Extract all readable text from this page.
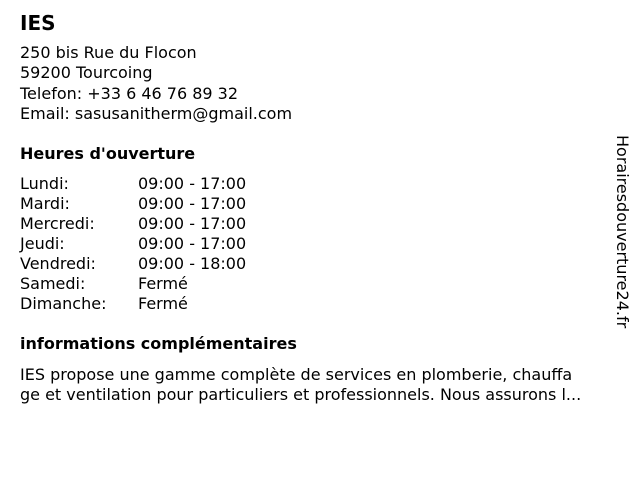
IES
250 bis Rue du Flocon
59200 Tourcoing
Telefon: +33 6 46 76 89 32
Email: sasusanitherm@gmail.com
Heures d'ouverture
Lundi:	09:00 - 17:00
Mardi:	09:00 - 17:00
Mercredi:	09:00 - 17:00
Jeudi:	09:00 - 17:00
Vendredi:	09:00 - 18:00
Samedi:	Fermé
Dimanche:	Fermé
informations complémentaires
IES propose une gamme complète de services en plomberie, chauffa
ge et ventilation pour particuliers et professionnels. Nous assurons l...
Horairesdouverture24.fr
